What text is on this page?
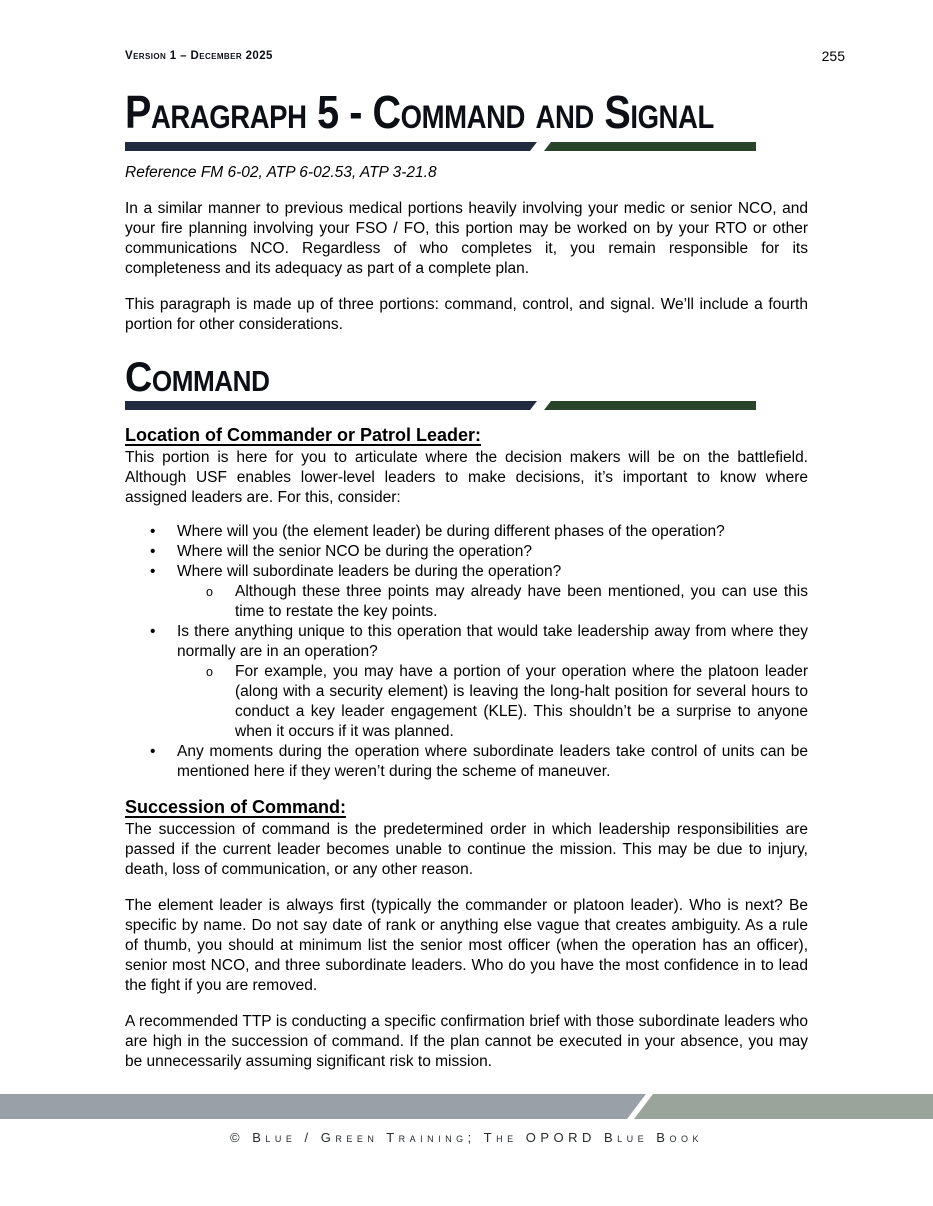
Version 1 – December 2025	255
Paragraph 5 - Command and Signal

Reference FM 6-02, ATP 6-02.53, ATP 3-21.8

In a similar manner to previous medical portions heavily involving your medic or senior NCO, and your fire planning involving your FSO / FO, this portion may be worked on by your RTO or other communications NCO. Regardless of who completes it, you remain responsible for its completeness and its adequacy as part of a complete plan.

This paragraph is made up of three portions: command, control, and signal. We’ll include a fourth portion for other considerations.

Command
Location of Commander or Patrol Leader:

This portion is here for you to articulate where the decision makers will be on the battlefield. Although USF enables lower-level leaders to make decisions, it’s important to know where assigned leaders are. For this, consider:

• Where will you (the element leader) be during different phases of the operation?
• Where will the senior NCO be during the operation?
• Where will subordinate leaders be during the operation?
o Although these three points may already have been mentioned, you can use this time to restate the key points.
• Is there anything unique to this operation that would take leadership away from where they normally are in an operation?
o For example, you may have a portion of your operation where the platoon leader (along with a security element) is leaving the long-halt position for several hours to conduct a key leader engagement (KLE). This shouldn’t be a surprise to anyone when it occurs if it was planned.
• Any moments during the operation where subordinate leaders take control of units can be mentioned here if they weren’t during the scheme of maneuver.
Succession of Command:

The succession of command is the predetermined order in which leadership responsibilities are passed if the current leader becomes unable to continue the mission. This may be due to injury, death, loss of communication, or any other reason.

The element leader is always first (typically the commander or platoon leader). Who is next? Be specific by name. Do not say date of rank or anything else vague that creates ambiguity. As a rule of thumb, you should at minimum list the senior most officer (when the operation has an officer), senior most NCO, and three subordinate leaders. Who do you have the most confidence in to lead the fight if you are removed.

A recommended TTP is conducting a specific confirmation brief with those subordinate leaders who are high in the succession of command. If the plan cannot be executed in your absence, you may be unnecessarily assuming significant risk to mission.

© Blue / Green Training; The OPORD Blue Book
